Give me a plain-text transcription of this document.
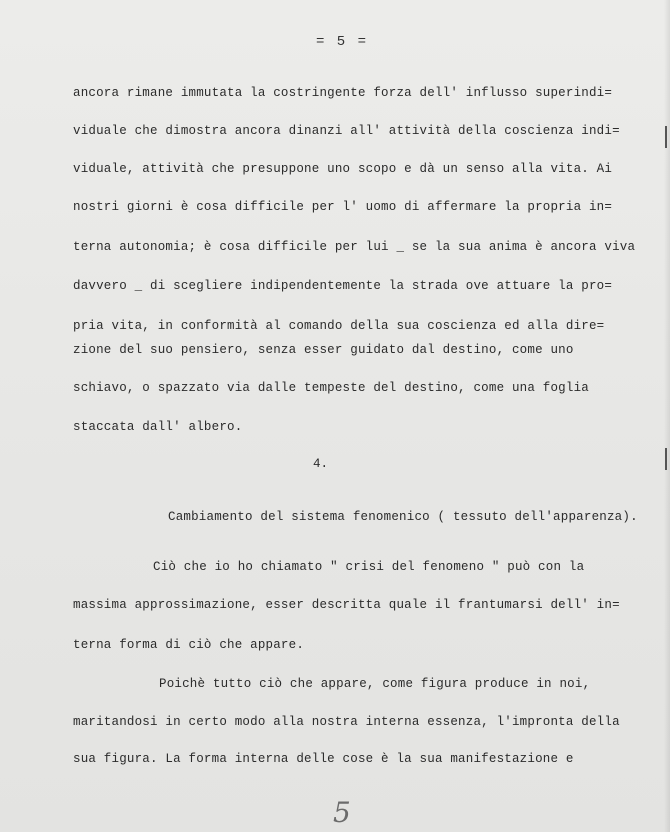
= 5 =
ancora rimane immutata la costringente forza dell' influsso superindi=
viduale che dimostra ancora dinanzi all' attività della coscienza indi=
viduale, attività che presuppone uno scopo e dà un senso alla vita. Ai
nostri giorni è cosa difficile per l' uomo di affermare la propria in=
terna autonomia; è cosa difficile per lui _ se la sua anima è ancora viva
davvero _ di scegliere indipendentemente la strada ove attuare la pro=
pria vita, in conformità al comando della sua coscienza ed alla dire=
zione del suo pensiero, senza esser guidato dal destino, come uno
schiavo, o spazzato via dalle tempeste del destino, come una foglia
staccata dall' albero.
4.
Cambiamento del sistema fenomenico ( tessuto dell'apparenza).
Ciò che io ho chiamato " crisi del fenomeno " può con la
massima approssimazione, esser descritta quale il frantumarsi dell' in=
terna forma di ciò che appare.
Poichè tutto ciò che appare, come figura produce in noi,
maritandosi in certo modo alla nostra interna essenza, l'impronta della
sua figura. La forma interna delle cose è la sua manifestazione e
5
